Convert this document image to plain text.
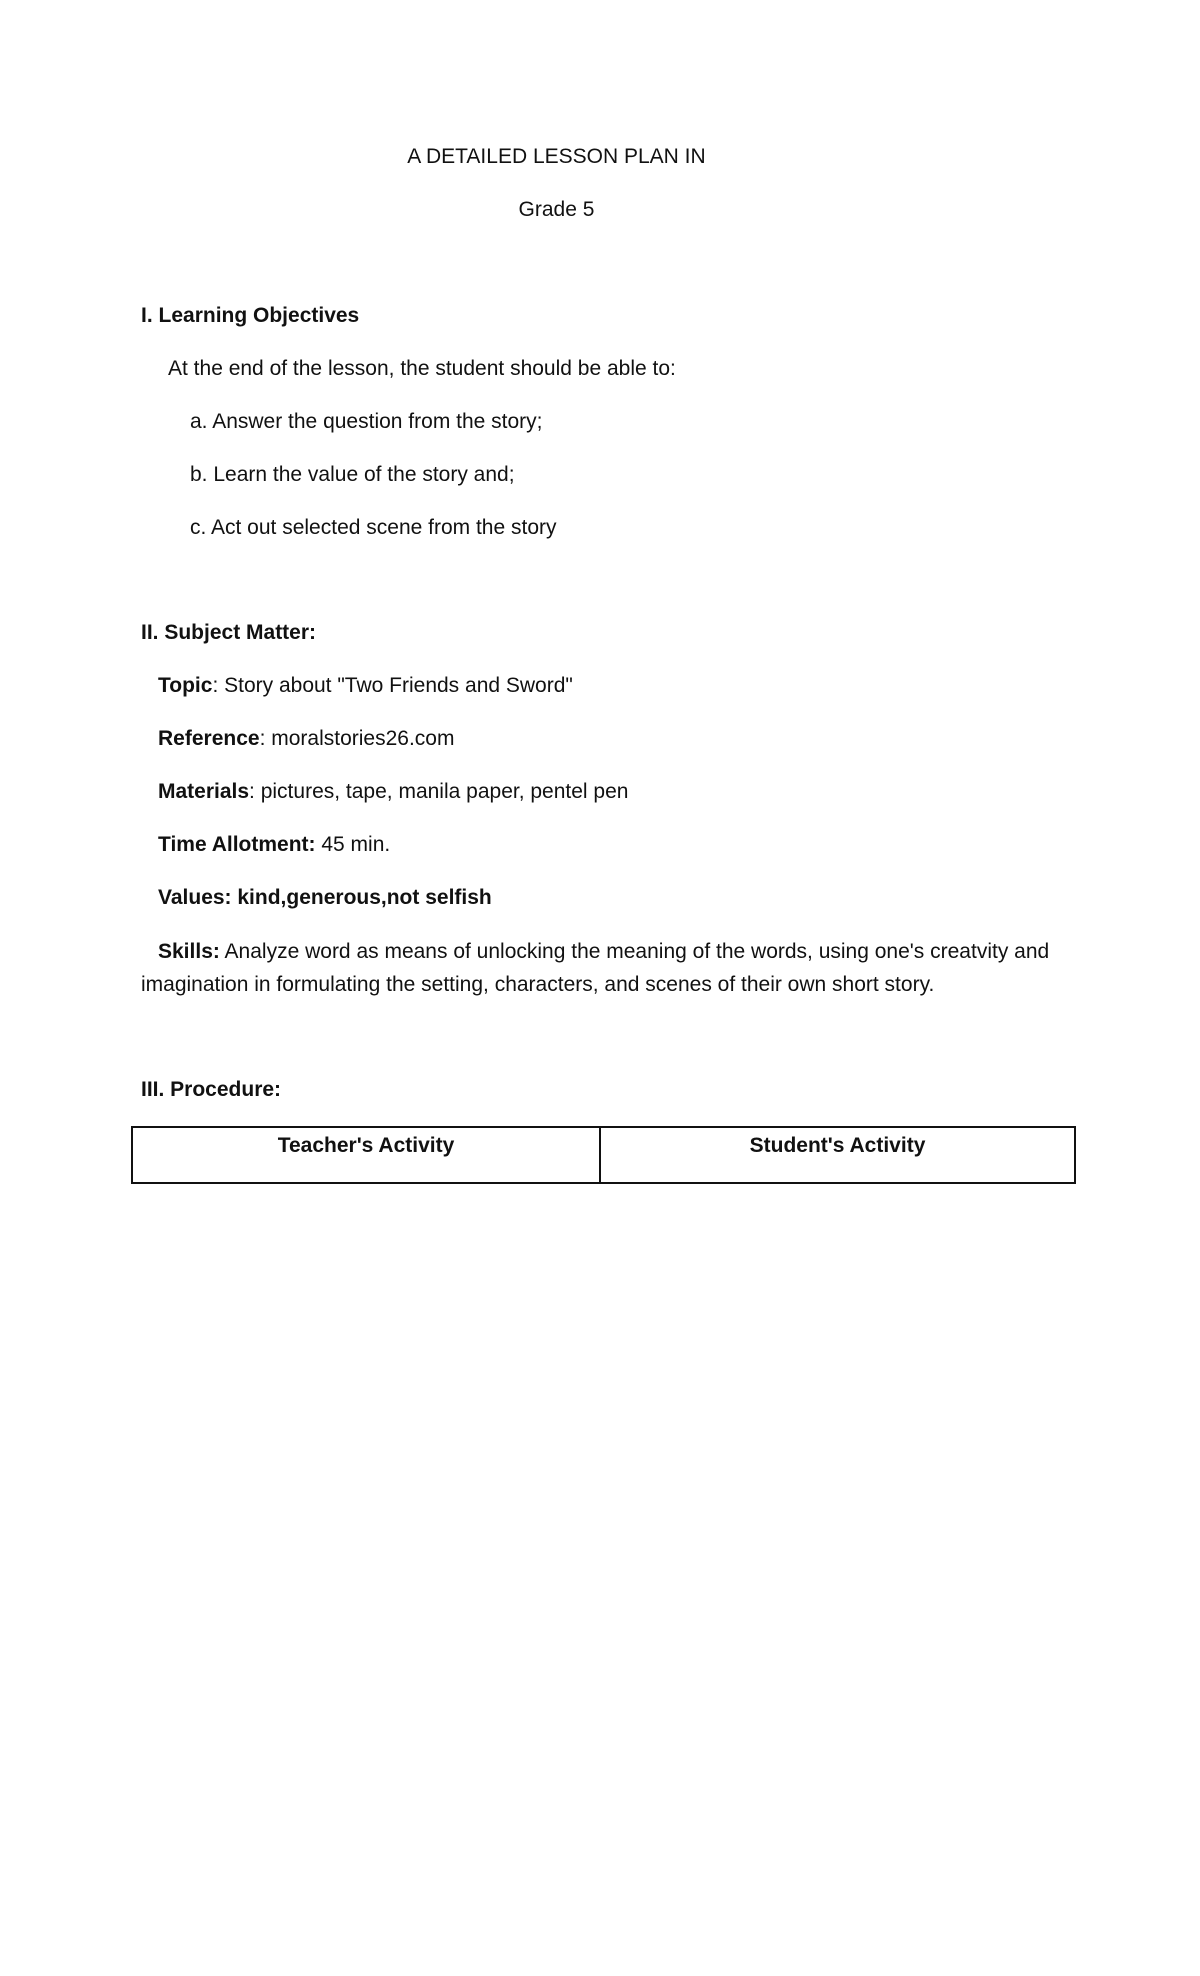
A DETAILED LESSON PLAN IN
Grade 5
I. Learning Objectives
At the end of the lesson, the student should be able to:
a. Answer the question from the story;
b. Learn the value of the story and;
c. Act out selected scene from the story
II. Subject Matter:
Topic: Story about "Two Friends and Sword"
Reference: moralstories26.com
Materials: pictures, tape, manila paper, pentel pen
Time Allotment: 45 min.
Values: kind,generous,not selfish
Skills: Analyze word as means of unlocking the meaning of the words, using one's creatvity and imagination in formulating the setting, characters, and scenes of their own short story.
III. Procedure:
Teacher's Activity	Student's Activity
